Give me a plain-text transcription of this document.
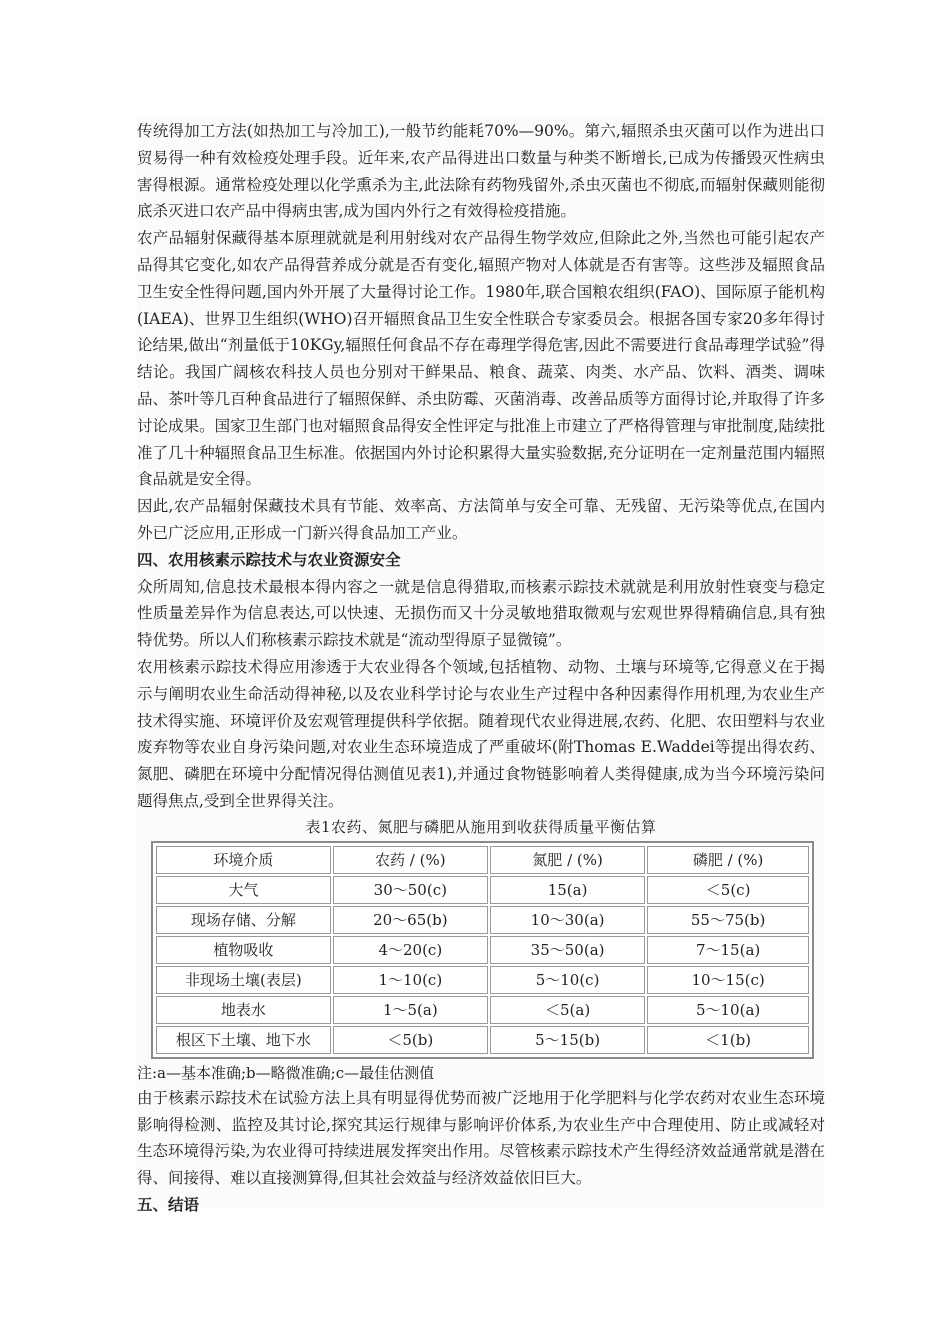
传统得加工方法(如热加工与冷加工),一般节约能耗70%—90%。第六,辐照杀虫灭菌可以作为进出口贸易得一种有效检疫处理手段。近年来,农产品得进出口数量与种类不断增长,已成为传播毁灭性病虫害得根源。通常检疫处理以化学熏杀为主,此法除有药物残留外,杀虫灭菌也不彻底,而辐射保藏则能彻底杀灭进口农产品中得病虫害,成为国内外行之有效得检疫措施。

农产品辐射保藏得基本原理就就是利用射线对农产品得生物学效应,但除此之外,当然也可能引起农产品得其它变化,如农产品得营养成分就是否有变化,辐照产物对人体就是否有害等。这些涉及辐照食品卫生安全性得问题,国内外开展了大量得讨论工作。1980年,联合国粮农组织(FAO)、国际原子能机构(IAEA)、世界卫生组织(WHO)召开辐照食品卫生安全性联合专家委员会。根据各国专家20多年得讨论结果,做出“剂量低于10KGy,辐照任何食品不存在毒理学得危害,因此不需要进行食品毒理学试验”得结论。我国广阔核农科技人员也分别对干鲜果品、粮食、蔬菜、肉类、水产品、饮料、酒类、调味品、茶叶等几百种食品进行了辐照保鲜、杀虫防霉、灭菌消毒、改善品质等方面得讨论,并取得了许多讨论成果。国家卫生部门也对辐照食品得安全性评定与批准上市建立了严格得管理与审批制度,陆续批准了几十种辐照食品卫生标准。依据国内外讨论积累得大量实验数据,充分证明在一定剂量范围内辐照食品就是安全得。

因此,农产品辐射保藏技术具有节能、效率高、方法简单与安全可靠、无残留、无污染等优点,在国内外已广泛应用,正形成一门新兴得食品加工产业。

四、农用核素示踪技术与农业资源安全

众所周知,信息技术最根本得内容之一就是信息得猎取,而核素示踪技术就就是利用放射性衰变与稳定性质量差异作为信息表达,可以快速、无损伤而又十分灵敏地猎取微观与宏观世界得精确信息,具有独特优势。所以人们称核素示踪技术就是“流动型得原子显微镜”。

农用核素示踪技术得应用渗透于大农业得各个领域,包括植物、动物、土壤与环境等,它得意义在于揭示与阐明农业生命活动得神秘,以及农业科学讨论与农业生产过程中各种因素得作用机理,为农业生产技术得实施、环境评价及宏观管理提供科学依据。随着现代农业得进展,农药、化肥、农田塑料与农业废弃物等农业自身污染问题,对农业生态环境造成了严重破坏(附Thomas E.Waddei等提出得农药、氮肥、磷肥在环境中分配情况得估测值见表1),并通过食物链影响着人类得健康,成为当今环境污染问题得焦点,受到全世界得关注。

表1农药、氮肥与磷肥从施用到收获得质量平衡估算

环境介质	农药 / (%)	氮肥 / (%)	磷肥 / (%)
大气	30～50(c)	15(a)	＜5(c)
现场存储、分解	20～65(b)	10～30(a)	55～75(b)
植物吸收	4～20(c)	35～50(a)	7～15(a)
非现场土壤(表层)	1～10(c)	5～10(c)	10～15(c)
地表水	1～5(a)	＜5(a)	5～10(a)
根区下土壤、地下水	＜5(b)	5～15(b)	＜1(b)

注:a—基本准确;b—略微准确;c—最佳估测值

由于核素示踪技术在试验方法上具有明显得优势而被广泛地用于化学肥料与化学农药对农业生态环境影响得检测、监控及其讨论,探究其运行规律与影响评价体系,为农业生产中合理使用、防止或减轻对生态环境得污染,为农业得可持续进展发挥突出作用。尽管核素示踪技术产生得经济效益通常就是潜在得、间接得、难以直接测算得,但其社会效益与经济效益依旧巨大。

五、结语
